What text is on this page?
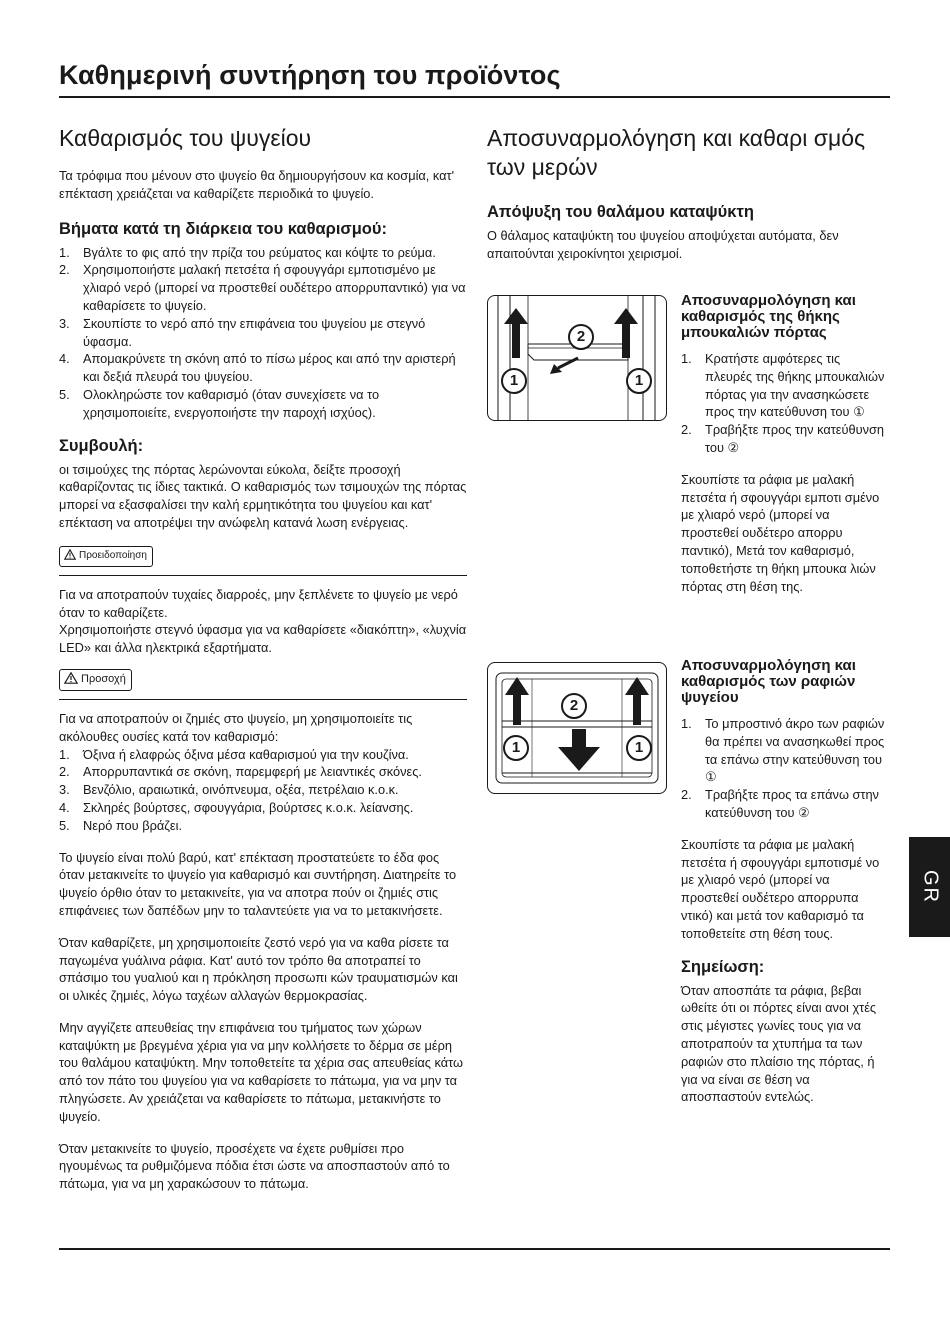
Καθημερινή συντήρηση του προϊόντος
Καθαρισμός του ψυγείου

Τα τρόφιμα που μένουν στο ψυγείο θα δημιουργήσουν κα κοσμία, κατ' επέκταση χρειάζεται να καθαρίζετε περιοδικά το ψυγείο.

Βήματα κατά τη διάρκεια του καθαρισμού:
1. Βγάλτε το φις από την πρίζα του ρεύματος και κόψτε το ρεύμα.
2. Χρησιμοποιήστε μαλακή πετσέτα ή σφουγγάρι εμποτισμένο με χλιαρό νερό (μπορεί να προστεθεί ουδέτερο απορρυπαντικό) για να καθαρίσετε το ψυγείο.
3. Σκουπίστε το νερό από την επιφάνεια του ψυγείου με στεγνό ύφασμα.
4. Απομακρύνετε τη σκόνη από το πίσω μέρος και από την αριστερή και δεξιά πλευρά του ψυγείου.
5. Ολοκληρώστε τον καθαρισμό (όταν συνεχίσετε να το χρησιμοποιείτε, ενεργοποιήστε την παροχή ισχύος).
Συμβουλή:

οι τσιμούχες της πόρτας λερώνονται εύκολα, δείξτε προσοχή καθαρίζοντας τις ίδιες τακτικά. Ο καθαρισμός των τσιμουχών της πόρτας μπορεί να εξασφαλίσει την καλή ερμητικότητα του ψυγείου και κατ' επέκταση να αποτρέψει την ανώφελη κατανά λωση ενέργειας.

Προειδοποίηση

Για να αποτραπούν τυχαίες διαρροές, μην ξεπλένετε το ψυγείο με νερό όταν το καθαρίζετε.

Χρησιμοποιήστε στεγνό ύφασμα για να καθαρίσετε «διακόπτη», «λυχνία LED» και άλλα ηλεκτρικά εξαρτήματα.

Προσοχή

Για να αποτραπούν οι ζημιές στο ψυγείο, μη χρησιμοποιείτε τις ακόλουθες ουσίες κατά τον καθαρισμό:

1. Όξινα ή ελαφρώς όξινα μέσα καθαρισμού για την κουζίνα.
2. Απορρυπαντικά σε σκόνη, παρεμφερή με λειαντικές σκόνες.
3. Βενζόλιο, αραιωτικά, οινόπνευμα, οξέα, πετρέλαιο κ.ο.κ.
4. Σκληρές βούρτσες, σφουγγάρια, βούρτσες κ.ο.κ. λείανσης.
5. Νερό που βράζει.

Το ψυγείο είναι πολύ βαρύ, κατ' επέκταση προστατεύετε το έδα φος όταν μετακινείτε το ψυγείο για καθαρισμό και συντήρηση. Διατηρείτε το ψυγείο όρθιο όταν το μετακινείτε, για να αποτρα πούν οι ζημιές στις επιφάνειες των δαπέδων μην το ταλαντεύετε για να το μετακινήσετε.

Όταν καθαρίζετε, μη χρησιμοποιείτε ζεστό νερό για να καθα ρίσετε τα παγωμένα γυάλινα ράφια. Κατ' αυτό τον τρόπο θα αποτραπεί το σπάσιμο του γυαλιού και η πρόκληση προσωπι κών τραυματισμών και οι υλικές ζημιές, λόγω ταχέων αλλαγών θερμοκρασίας.

Μην αγγίζετε απευθείας την επιφάνεια του τμήματος των χώρων καταψύκτη με βρεγμένα χέρια για να μην κολλήσετε το δέρμα σε μέρη του θαλάμου καταψύκτη. Μην τοποθετείτε τα χέρια σας απευθείας κάτω από τον πάτο του ψυγείου για να καθαρίσετε το πάτωμα, για να μην τα πληγώσετε. Αν χρειάζεται να καθαρίσετε το πάτωμα, μετακινήστε το ψυγείο.

Όταν μετακινείτε το ψυγείο, προσέχετε να έχετε ρυθμίσει προ ηγουμένως τα ρυθμιζόμενα πόδια έτσι ώστε να αποσπαστούν από το πάτωμα, για να μη χαρακώσουν το πάτωμα.

Αποσυναρμολόγηση και καθαρι σμός των μερών
Απόψυξη του θαλάμου καταψύκτη

Ο θάλαμος καταψύκτη του ψυγείου αποψύχεται αυτόματα, δεν απαιτούνται χειροκίνητοι χειρισμοί.

1
2
1
Αποσυναρμολόγηση και καθαρισμός της θήκης μπουκαλιών πόρτας
1. Κρατήστε αμφότερες τις πλευρές της θήκης μπουκαλιών πόρτας για την ανασηκώσετε προς την κατεύθυνση του ①
2. Τραβήξτε προς την κατεύθυνση του ②

Σκουπίστε τα ράφια με μαλακή πετσέτα ή σφουγγάρι εμποτι σμένο με χλιαρό νερό (μπορεί να προστεθεί ουδέτερο απορρυ παντικό), Μετά τον καθαρισμό, τοποθετήστε τη θήκη μπουκα λιών πόρτας στη θέση της.

1
2
1
Αποσυναρμολόγηση και καθαρισμός των ραφιών ψυγείου
1. Το μπροστινό άκρο των ραφιών θα πρέπει να ανασηκωθεί προς τα επάνω στην κατεύθυνση του ①
2. Τραβήξτε προς τα επάνω στην κατεύθυνση του ②

Σκουπίστε τα ράφια με μαλακή πετσέτα ή σφουγγάρι εμποτισμέ νο με χλιαρό νερό (μπορεί να προστεθεί ουδέτερο απορρυπα ντικό) και μετά τον καθαρισμό τα τοποθετείτε στη θέση τους.

Σημείωση:

Όταν αποσπάτε τα ράφια, βεβαι ωθείτε ότι οι πόρτες είναι ανοι χτές στις μέγιστες γωνίες τους για να αποτραπούν τα χτυπήμα τα των ραφιών στο πλαίσιο της πόρτας, ή για να είναι σε θέση να αποσπαστούν εντελώς.

GR
